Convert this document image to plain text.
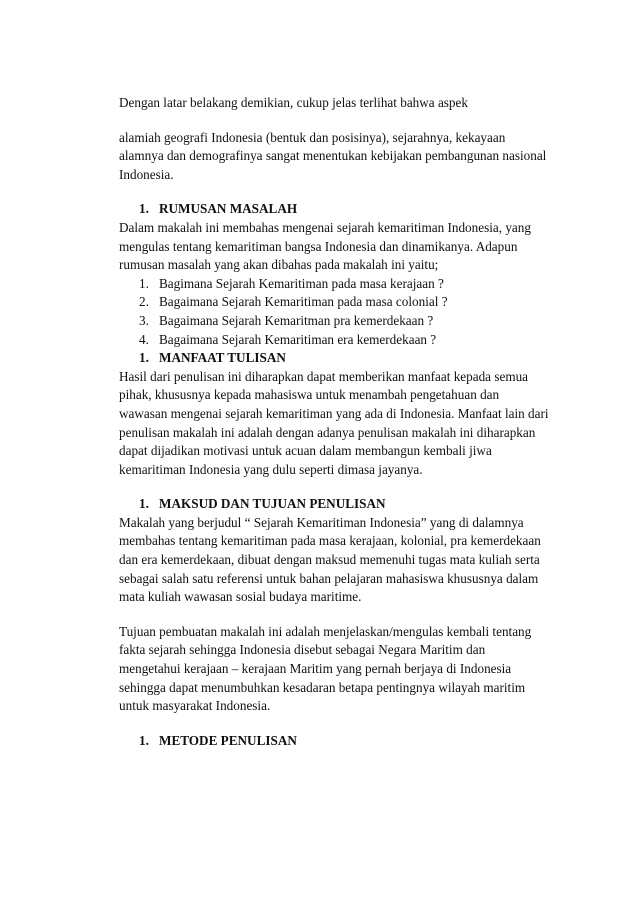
Dengan latar belakang demikian, cukup jelas terlihat bahwa aspek

alamiah geografi Indonesia (bentuk dan posisinya), sejarahnya, kekayaan alamnya dan demografinya sangat menentukan kebijakan pembangunan nasional Indonesia.

1. RUMUSAN MASALAH

Dalam makalah ini membahas mengenai sejarah kemaritiman Indonesia, yang mengulas tentang kemaritiman bangsa Indonesia dan dinamikanya. Adapun rumusan masalah yang akan dibahas pada makalah ini yaitu;

1. Bagimana Sejarah Kemaritiman pada masa kerajaan ?
2. Bagaimana Sejarah Kemaritiman pada masa colonial ?
3. Bagaimana Sejarah Kemaritman pra kemerdekaan ?
4. Bagaimana Sejarah Kemaritiman era kemerdekaan ?
1. MANFAAT TULISAN

Hasil dari penulisan ini diharapkan dapat memberikan manfaat kepada semua pihak, khususnya kepada mahasiswa untuk menambah pengetahuan dan wawasan mengenai sejarah kemaritiman yang ada di Indonesia. Manfaat lain dari penulisan makalah ini adalah dengan adanya penulisan makalah ini diharapkan dapat dijadikan motivasi untuk acuan dalam membangun kembali jiwa kemaritiman Indonesia yang dulu seperti dimasa jayanya.

1. MAKSUD DAN TUJUAN PENULISAN

Makalah yang berjudul “ Sejarah Kemaritiman Indonesia” yang di dalamnya membahas tentang kemaritiman pada masa kerajaan, kolonial, pra kemerdekaan dan era kemerdekaan, dibuat dengan maksud memenuhi tugas mata kuliah serta sebagai salah satu referensi untuk bahan pelajaran mahasiswa khususnya dalam mata kuliah wawasan sosial budaya maritime.

Tujuan pembuatan makalah ini adalah menjelaskan/mengulas kembali tentang fakta sejarah sehingga Indonesia disebut sebagai Negara Maritim dan mengetahui kerajaan – kerajaan Maritim yang pernah berjaya di Indonesia sehingga dapat menumbuhkan kesadaran betapa pentingnya wilayah maritim untuk masyarakat Indonesia.

1. METODE PENULISAN
